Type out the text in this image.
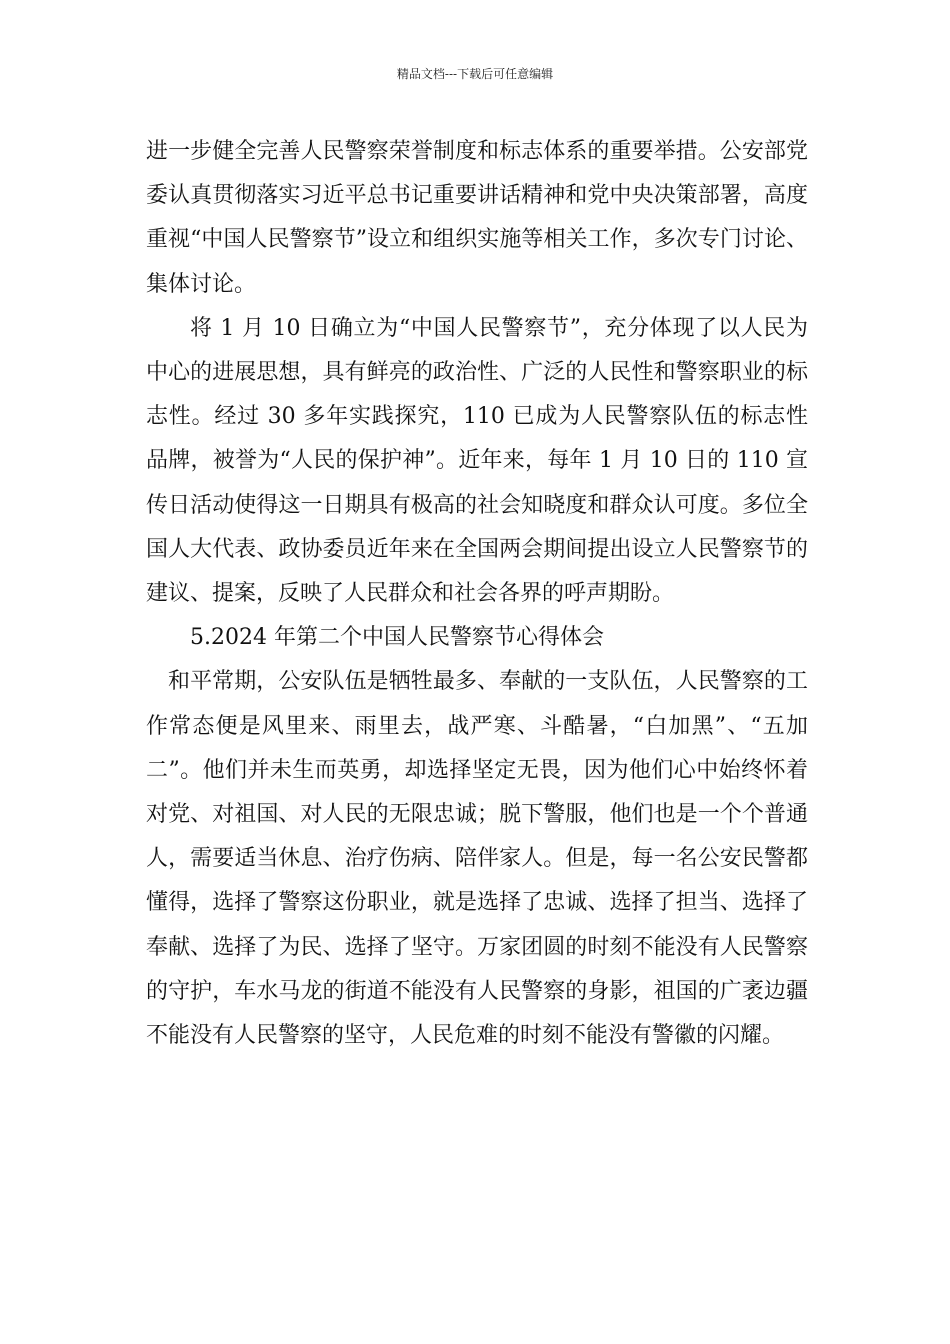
精品文档---下载后可任意编辑

进一步健全完善人民警察荣誉制度和标志体系的重要举措。公安部党委认真贯彻落实习近平总书记重要讲话精神和党中央决策部署，高度重视“中国人民警察节”设立和组织实施等相关工作，多次专门讨论、集体讨论。

将 1 月 10 日确立为“中国人民警察节”，充分体现了以人民为中心的进展思想，具有鲜亮的政治性、广泛的人民性和警察职业的标志性。经过 30 多年实践探究，110 已成为人民警察队伍的标志性品牌，被誉为“人民的保护神”。近年来，每年 1 月 10 日的 110 宣传日活动使得这一日期具有极高的社会知晓度和群众认可度。多位全国人大代表、政协委员近年来在全国两会期间提出设立人民警察节的建议、提案，反映了人民群众和社会各界的呼声期盼。

5.2024 年第二个中国人民警察节心得体会

和平常期，公安队伍是牺牲最多、奉献的一支队伍，人民警察的工作常态便是风里来、雨里去，战严寒、斗酷暑，“白加黑”、“五加二”。他们并未生而英勇，却选择坚定无畏，因为他们心中始终怀着对党、对祖国、对人民的无限忠诚；脱下警服，他们也是一个个普通人，需要适当休息、治疗伤病、陪伴家人。但是，每一名公安民警都懂得，选择了警察这份职业，就是选择了忠诚、选择了担当、选择了奉献、选择了为民、选择了坚守。万家团圆的时刻不能没有人民警察的守护，车水马龙的街道不能没有人民警察的身影，祖国的广袤边疆不能没有人民警察的坚守，人民危难的时刻不能没有警徽的闪耀。
